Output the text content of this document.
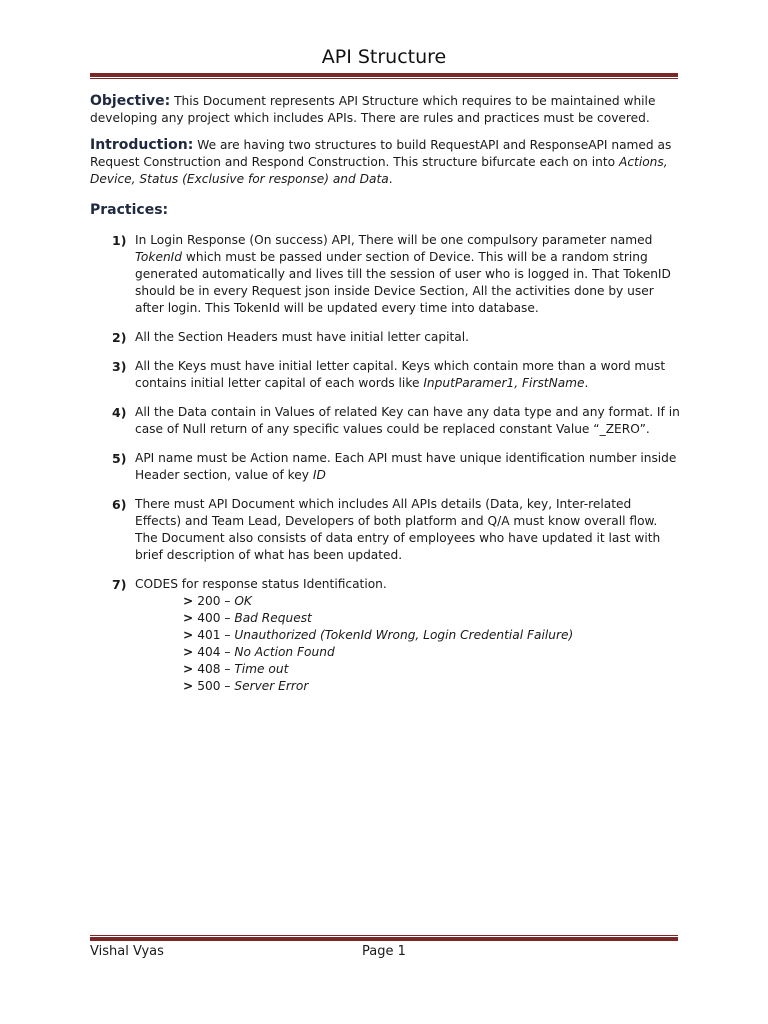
API Structure

Objective: This Document represents API Structure which requires to be maintained while developing any project which includes APIs. There are rules and practices must be covered.

Introduction: We are having two structures to build RequestAPI and ResponseAPI named as Request Construction and Respond Construction. This structure bifurcate each on into Actions, Device, Status (Exclusive for response) and Data.

Practices:
1) In Login Response (On success) API, There will be one compulsory parameter named TokenId which must be passed under section of Device. This will be a random string generated automatically and lives till the session of user who is logged in. That TokenID should be in every Request json inside Device Section, All the activities done by user after login. This TokenId will be updated every time into database.
2) All the Section Headers must have initial letter capital.
3) All the Keys must have initial letter capital. Keys which contain more than a word must contains initial letter capital of each words like InputParamer1, FirstName.
4) All the Data contain in Values of related Key can have any data type and any format. If in case of Null return of any specific values could be replaced constant Value “_ZERO”.
5) API name must be Action name. Each API must have unique identification number inside Header section, value of key ID
6) There must API Document which includes All APIs details (Data, key, Inter-related Effects) and Team Lead, Developers of both platform and Q/A must know overall flow. The Document also consists of data entry of employees who have updated it last with brief description of what has been updated.
7) CODES for response status Identification.
> 200 – OK
> 400 – Bad Request
> 401 – Unauthorized (TokenId Wrong, Login Credential Failure)
> 404 – No Action Found
> 408 – Time out
> 500 – Server Error
Vishal Vyas	Page 1
